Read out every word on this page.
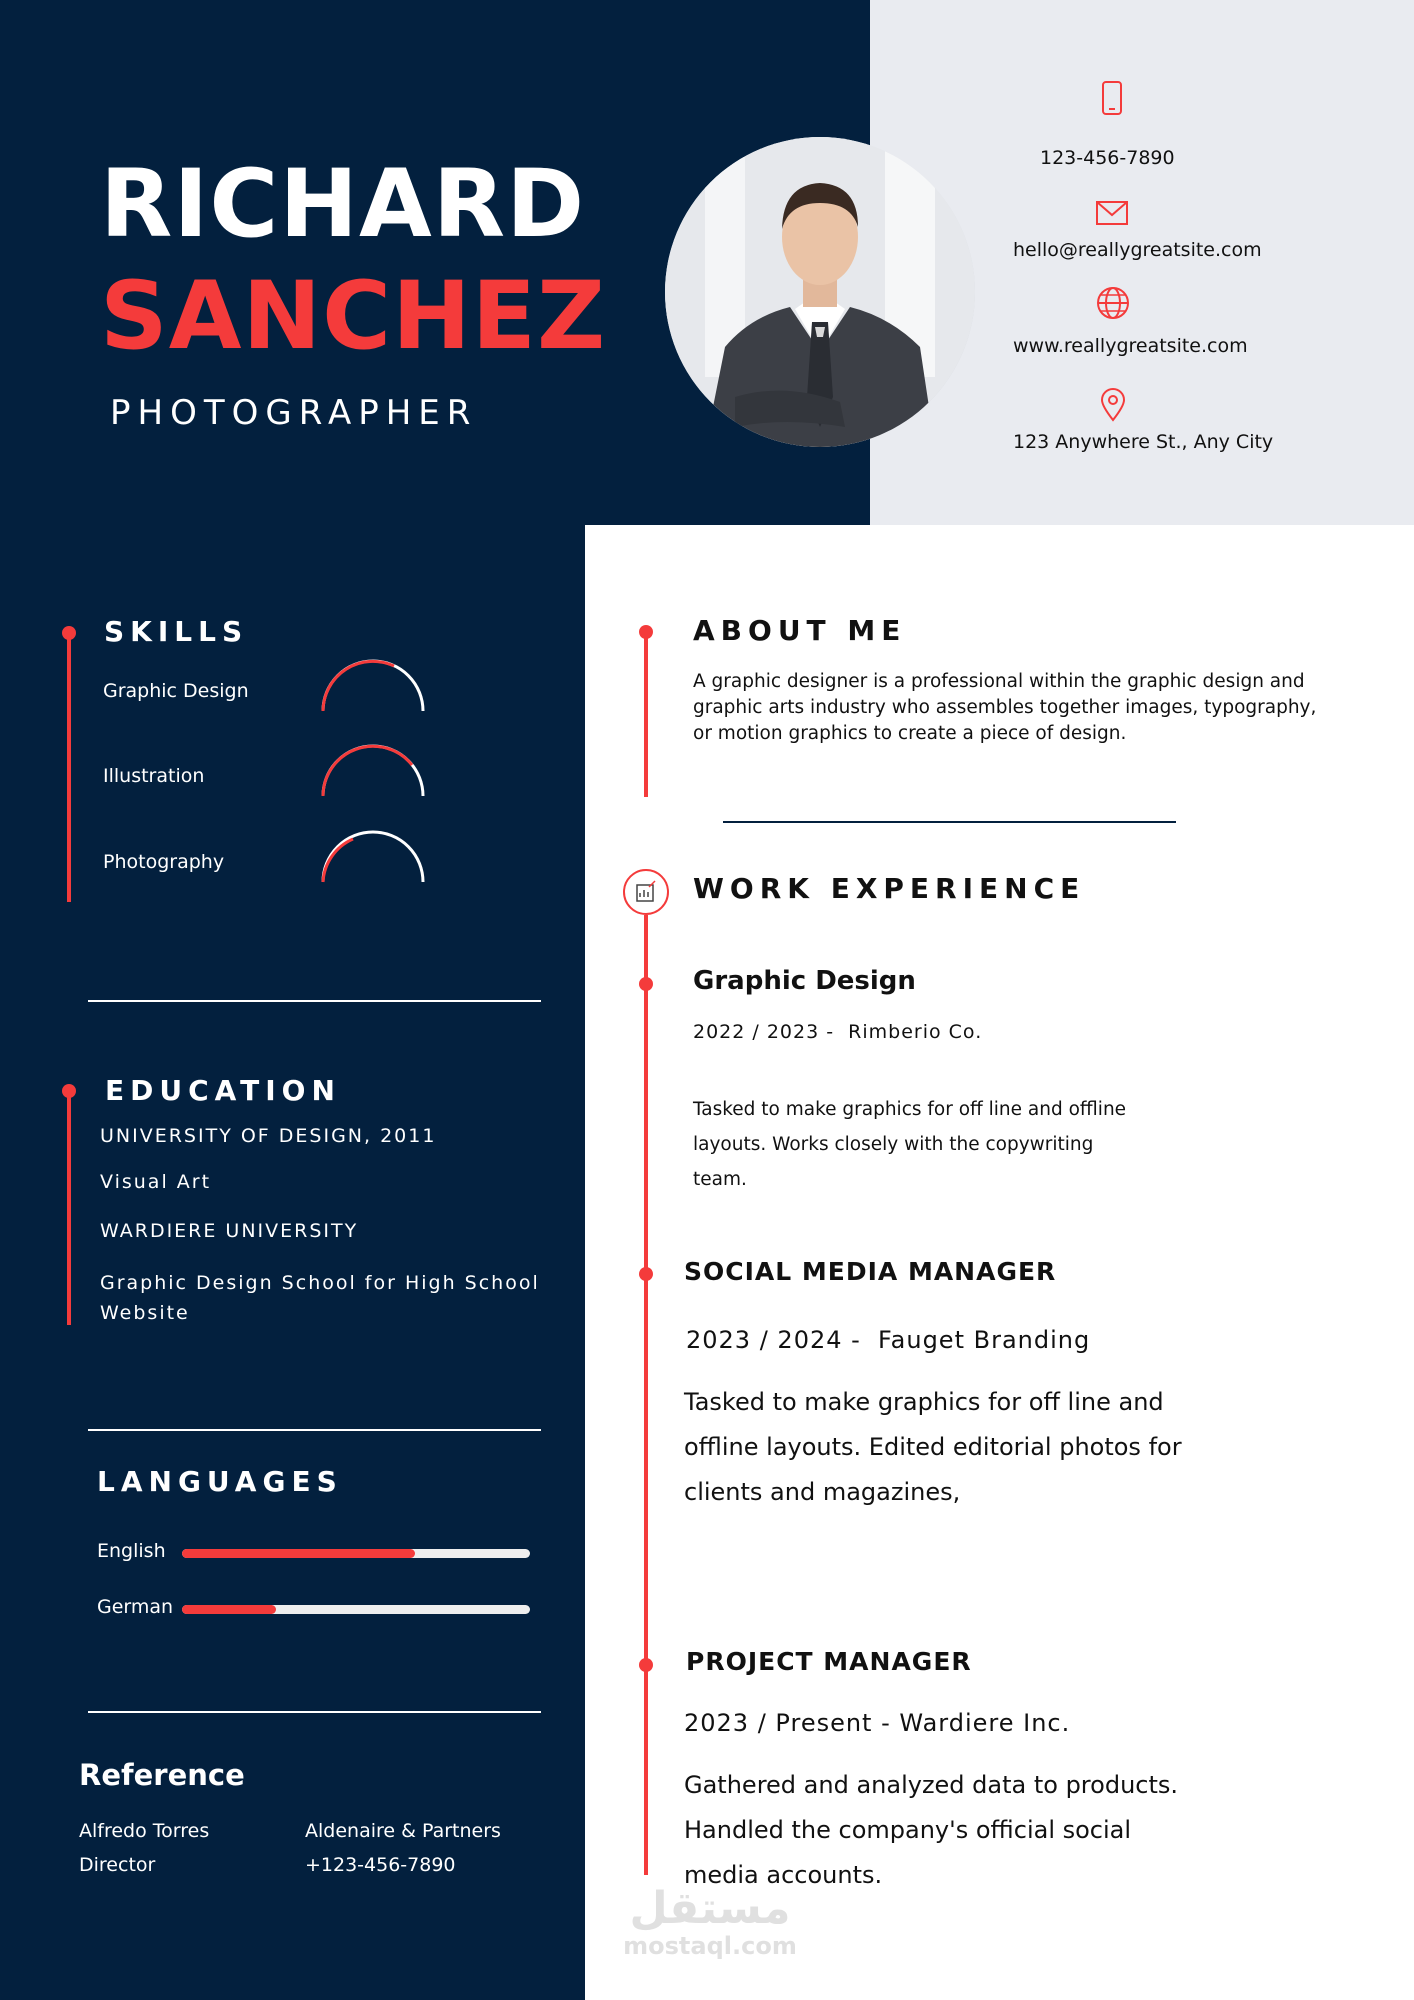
RICHARD
SANCHEZ
PHOTOGRAPHER
123-456-7890
hello@reallygreatsite.com
www.reallygreatsite.com
123 Anywhere St., Any City
SKILLS
Graphic Design
Illustration
Photography
EDUCATION
UNIVERSITY OF DESIGN, 2011
Visual Art
WARDIERE UNIVERSITY
Graphic Design School for High School Website
LANGUAGES
English
German
Reference
Alfredo Torres
Director
Aldenaire & Partners
+123-456-7890
ABOUT ME
A graphic designer is a professional within the graphic design and graphic arts industry who assembles together images, typography, or motion graphics to create a piece of design.
WORK EXPERIENCE
Graphic Design
2022 / 2023 -  Rimberio Co.
Tasked to make graphics for off line and offline layouts. Works closely with the copywriting team.
SOCIAL MEDIA MANAGER
2023 / 2024 -  Fauget Branding
Tasked to make graphics for off line and offline layouts. Edited editorial photos for clients and magazines,
PROJECT MANAGER
2023 / Present - Wardiere Inc.
Gathered and analyzed data to products. Handled the company's official social media accounts.
مستقل
mostaql.com
